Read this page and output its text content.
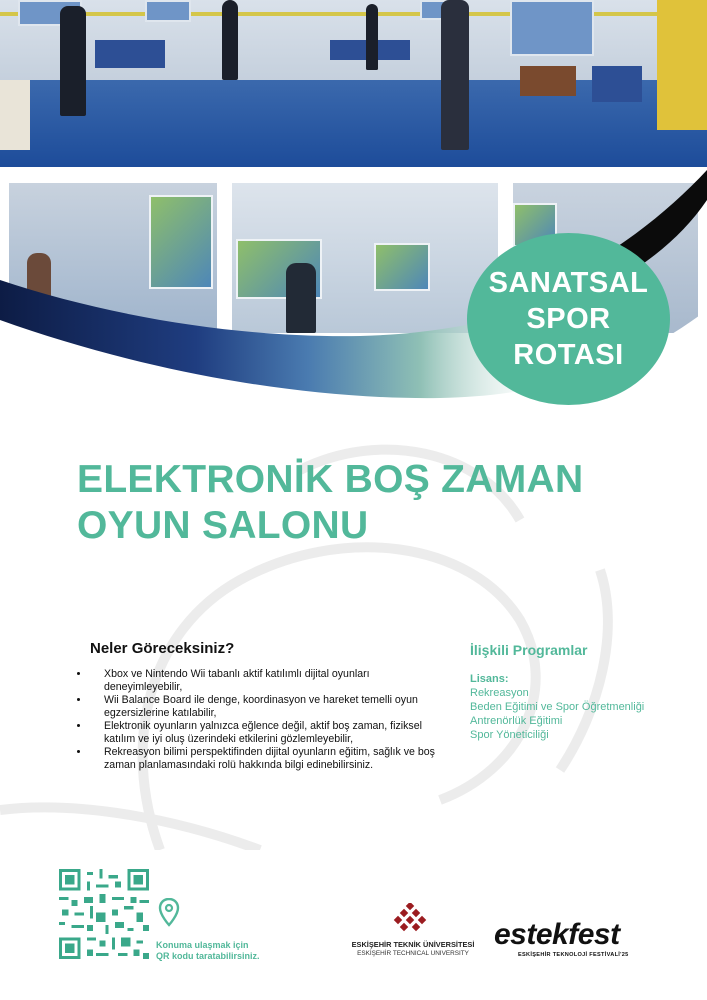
SANATSAL
SPOR
ROTASI
ELEKTRONİK BOŞ ZAMAN
OYUN SALONU
Neler Göreceksiniz?
• Xbox ve Nintendo Wii tabanlı aktif katılımlı dijital oyunları deneyimleyebilir,
• Wii Balance Board ile denge, koordinasyon ve hareket temelli oyun egzersizlerine katılabilir,
• Elektronik oyunların yalnızca eğlence değil, aktif boş zaman, fiziksel katılım ve iyi oluş üzerindeki etkilerini gözlemleyebilir,
• Rekreasyon bilimi perspektifinden dijital oyunların eğitim, sağlık ve boş zaman planlamasındaki rolü hakkında bilgi edinebilirsiniz.
İlişkili Programlar
Lisans:
Rekreasyon
Beden Eğitimi ve Spor Öğretmenliği
Antrenörlük Eğitimi
Spor Yöneticiliği
Konuma ulaşmak için
QR kodu taratabilirsiniz.
ESKİŞEHİR TEKNİK ÜNİVERSİTESİ
ESKİŞEHİR TECHNICAL UNIVERSITY
estekfest
ESKİŞEHİR TEKNOLOJİ FESTİVALİ'25
